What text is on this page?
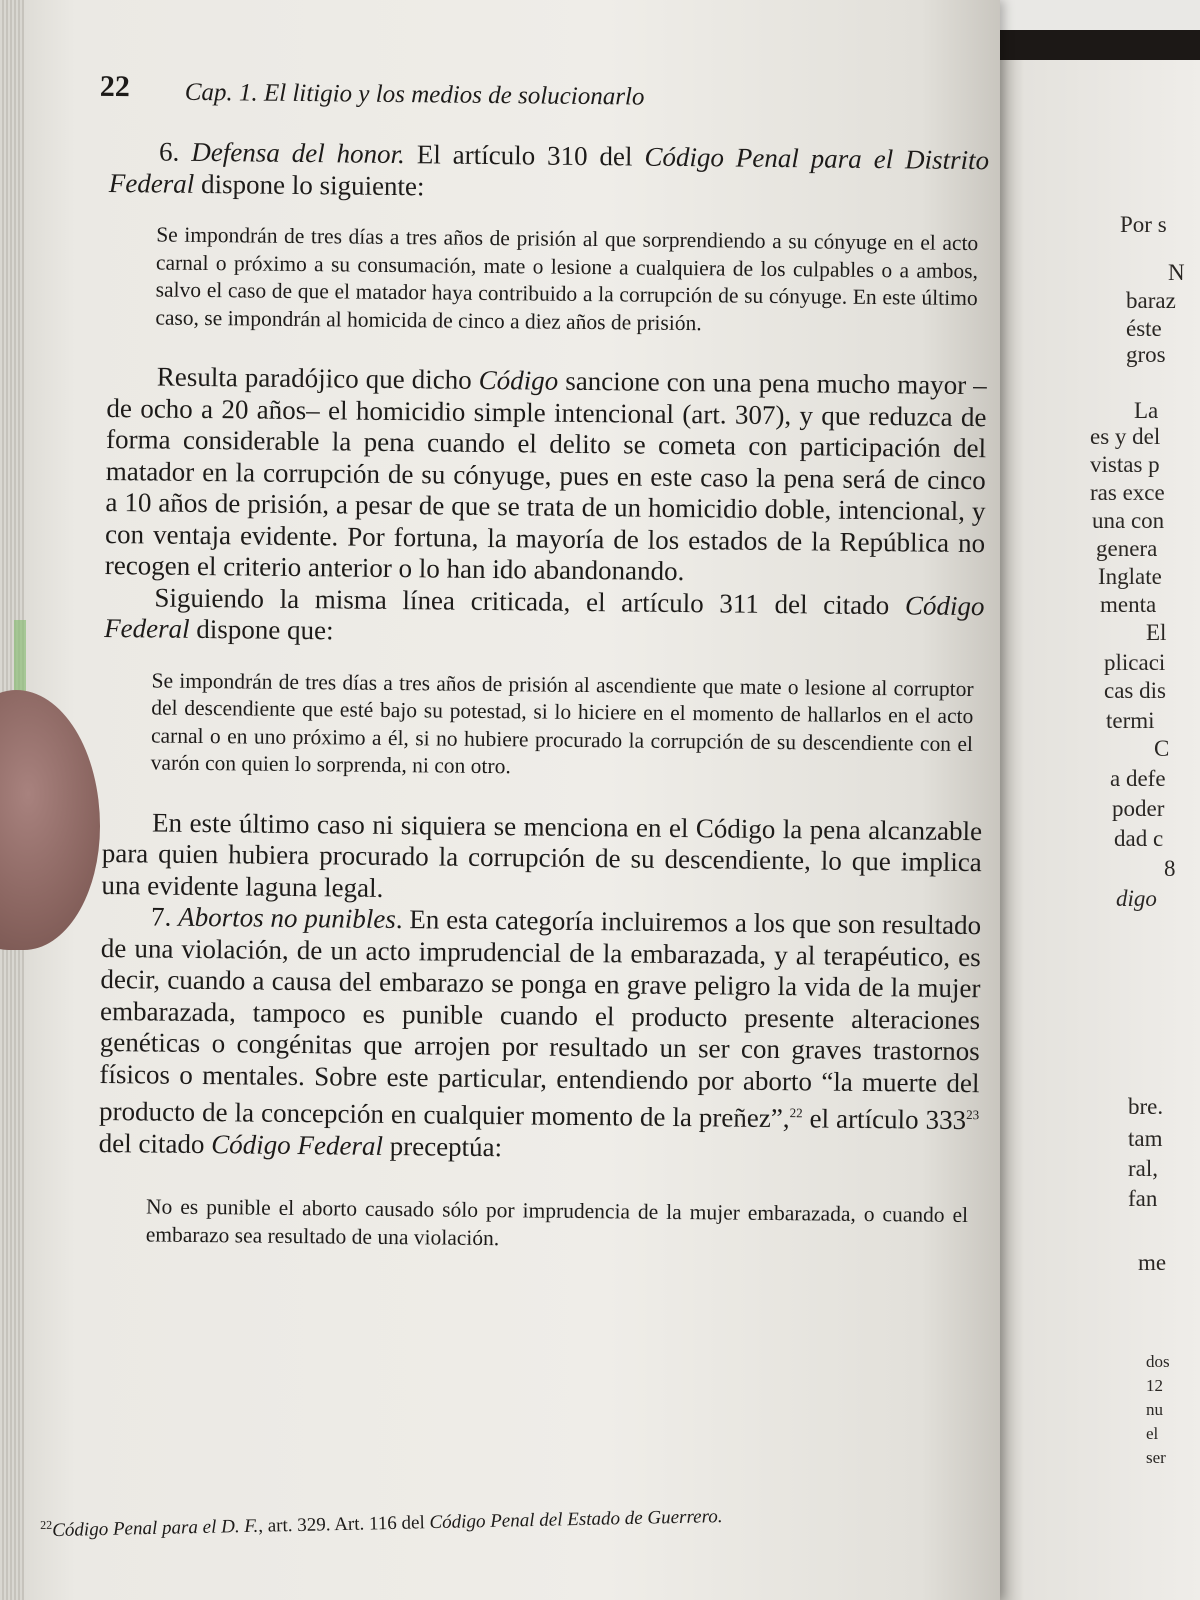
Por s
N
baraz
éste
gros
La
es y del
vistas p
ras exce
una con
genera
Inglate
menta
El
plicaci
cas dis
termi
C
a defe
poder
dad c
8
digo
bre.
tam
ral,
fan
me
dos
12
nu
el
ser
22 Cap. 1. El litigio y los medios de solucionarlo

6. Defensa del honor. El artículo 310 del Código Penal para el Distrito Federal dispone lo siguiente:

Se impondrán de tres días a tres años de prisión al que sorprendiendo a su cónyuge en el acto carnal o próximo a su consumación, mate o lesione a cualquiera de los culpables o a ambos, salvo el caso de que el matador haya contribuido a la corrupción de su cónyuge. En este último caso, se impondrán al homicida de cinco a diez años de prisión.

Resulta paradójico que dicho Código sancione con una pena mucho mayor –de ocho a 20 años– el homicidio simple intencional (art. 307), y que reduzca de forma considerable la pena cuando el delito se cometa con participación del matador en la corrupción de su cónyuge, pues en este caso la pena será de cinco a 10 años de prisión, a pesar de que se trata de un homicidio doble, intencional, y con ventaja evidente. Por fortuna, la mayoría de los estados de la República no recogen el criterio anterior o lo han ido abandonando.

Siguiendo la misma línea criticada, el artículo 311 del citado Código Federal dispone que:

Se impondrán de tres días a tres años de prisión al ascendiente que mate o lesione al corruptor del descendiente que esté bajo su potestad, si lo hiciere en el momento de hallarlos en el acto carnal o en uno próximo a él, si no hubiere procurado la corrupción de su descendiente con el varón con quien lo sorprenda, ni con otro.

En este último caso ni siquiera se menciona en el Código la pena alcanzable para quien hubiera procurado la corrupción de su descendiente, lo que implica una evidente laguna legal.

7. Abortos no punibles. En esta categoría incluiremos a los que son resultado de una violación, de un acto imprudencial de la embarazada, y al terapéutico, es decir, cuando a causa del embarazo se ponga en grave peligro la vida de la mujer embarazada, tampoco es punible cuando el producto presente alteraciones genéticas o congénitas que arrojen por resultado un ser con graves trastornos físicos o mentales. Sobre este particular, entendiendo por aborto “la muerte del producto de la concepción en cualquier momento de la preñez”,$^{22}$ el artículo $333^{23}$ del citado Código Federal preceptúa:

No es punible el aborto causado sólo por imprudencia de la mujer embarazada, o cuando el embarazo sea resultado de una violación.

$^{22}$Código Penal para el D. F., art. 329. Art. 116 del Código Penal del Estado de Guerrero.
